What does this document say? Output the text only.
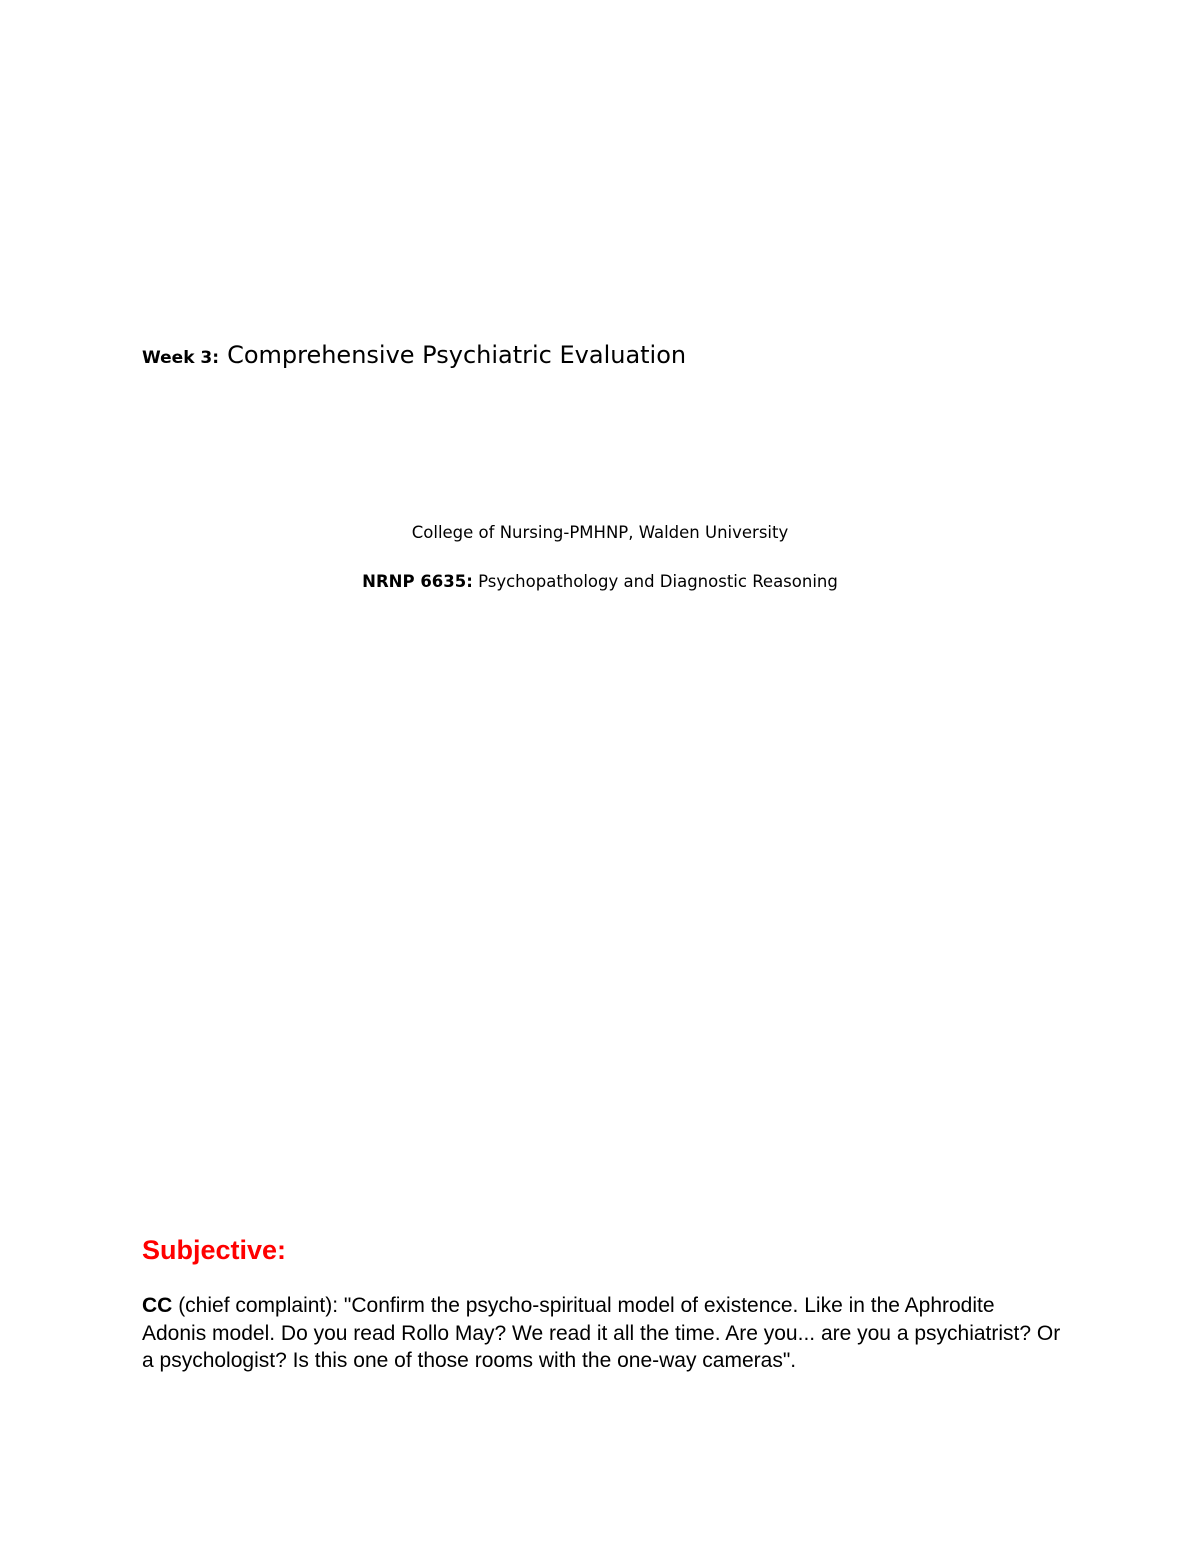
Week 3: Comprehensive Psychiatric Evaluation
College of Nursing-PMHNP, Walden University
NRNP 6635: Psychopathology and Diagnostic Reasoning
Subjective:
CC (chief complaint): "Confirm the psycho-spiritual model of existence. Like in the Aphrodite Adonis model. Do you read Rollo May? We read it all the time. Are you... are you a psychiatrist? Or a psychologist? Is this one of those rooms with the one-way cameras".
